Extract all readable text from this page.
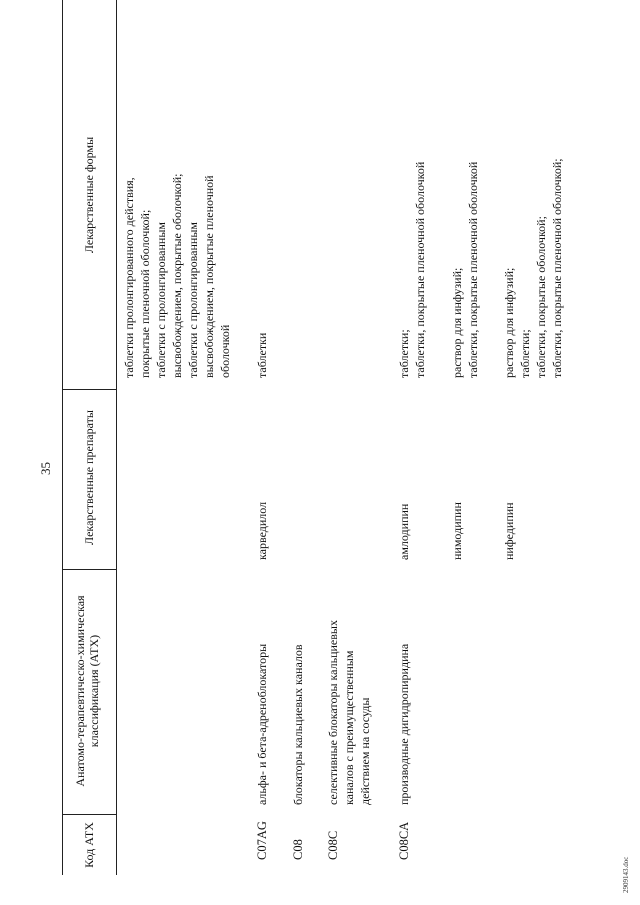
35
Код АТХ
Анатомо-терапевтическо-химическая классификация (АТХ)
Лекарственные препараты
Лекарственные формы таблетки пролонгированного действия, покрытые пленочной оболочкой; таблетки с пролонгированным высвобождением, покрытые оболочкой; таблетки с пролонгированным высвобождением, покрытые пленочной оболочкой
C07AG
альфа- и бета-адреноблокаторы
карведилол
таблетки
C08
блокаторы кальциевых каналов
C08C
селективные блокаторы кальциевых каналов с преимущественным действием на сосуды
C08CA
производные дигидропиридина
амлодипин
таблетки; таблетки, покрытые пленочной оболочкой
нимодипин
раствор для инфузий; таблетки, покрытые пленочной оболочкой
нифедипин
раствор для инфузий; таблетки; таблетки, покрытые оболочкой; таблетки, покрытые пленочной оболочкой;
2909143.doc
